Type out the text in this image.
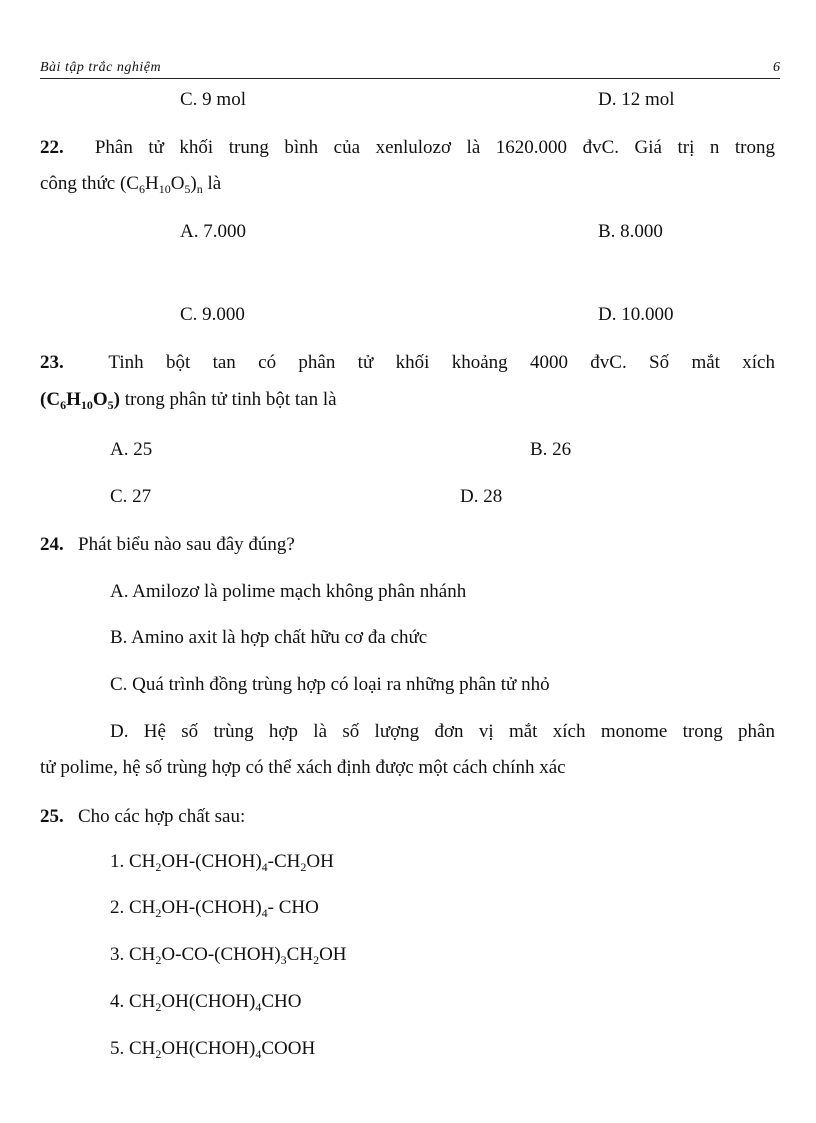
Bài tập trắc nghiệm	6
C. 9 mol	D. 12 mol
22. Phân tử khối trung bình của xenlulozơ là 1620.000 đvC. Giá trị n trong
công thức $(C_6H_{10}O_5)_n$ là
A. 7.000	B. 8.000
C. 9.000	D. 10.000
23. Tinh bột tan có phân tử khối khoảng 4000 đvC. Số mắt xích
$(C_6H_{10}O_5)$ trong phân tử tinh bột tan là
A. 25	B. 26
C. 27	D. 28
24. Phát biểu nào sau đây đúng?
A. Amilozơ là polime mạch không phân nhánh
B. Amino axit là hợp chất hữu cơ đa chức
C. Quá trình đồng trùng hợp có loại ra những phân tử nhỏ
D. Hệ số trùng hợp là số lượng đơn vị mắt xích monome trong phân
tử polime, hệ số trùng hợp có thể xách định được một cách chính xác
25. Cho các hợp chất sau:
1. $CH_2OH-(CHOH)_4-CH_2OH$
2. $CH_2OH-(CHOH)_4-$ CHO
3. $CH_2O-CO-(CHOH)_3CH_2OH$
4. $CH_2OH(CHOH)_4CHO$
5. $CH_2OH(CHOH)_4COOH$
